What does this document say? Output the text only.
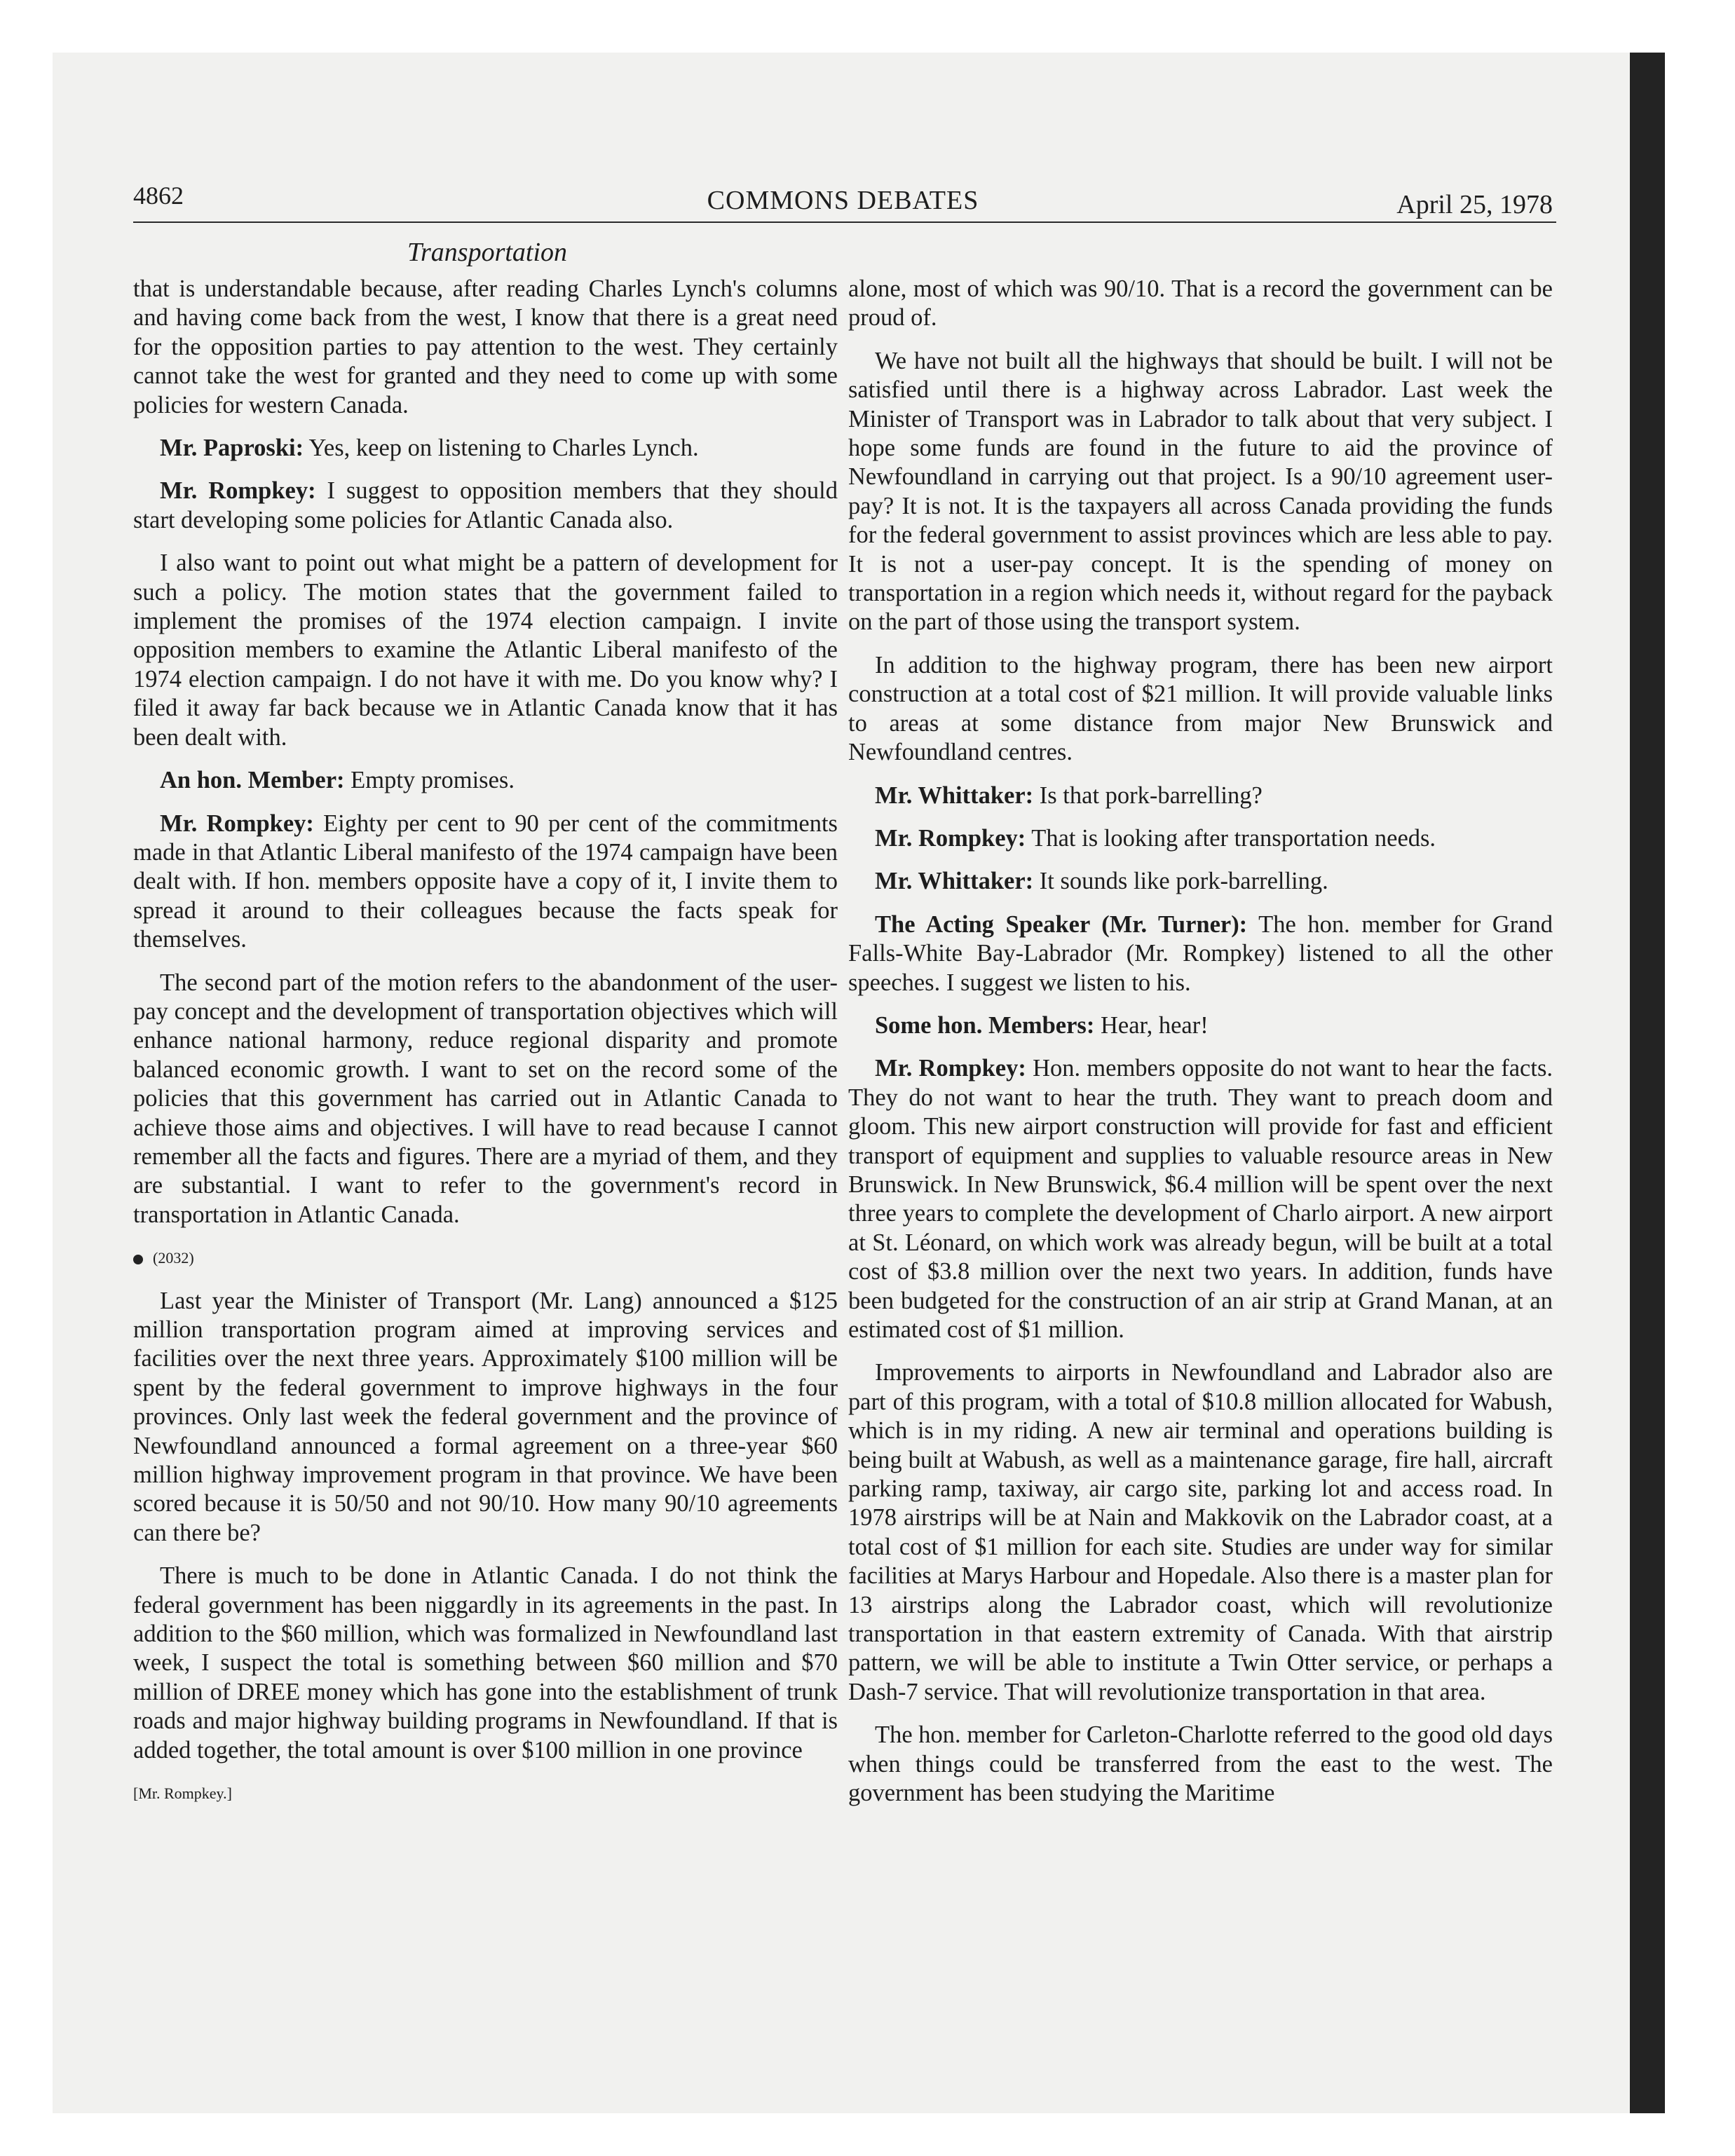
4862	COMMONS DEBATES	April 25, 1978
Transportation

that is understandable because, after reading Charles Lynch's columns and having come back from the west, I know that there is a great need for the opposition parties to pay attention to the west. They certainly cannot take the west for granted and they need to come up with some policies for western Canada.

Mr. Paproski: Yes, keep on listening to Charles Lynch.

Mr. Rompkey: I suggest to opposition members that they should start developing some policies for Atlantic Canada also.

I also want to point out what might be a pattern of development for such a policy. The motion states that the government failed to implement the promises of the 1974 election campaign. I invite opposition members to examine the Atlantic Liberal manifesto of the 1974 election campaign. I do not have it with me. Do you know why? I filed it away far back because we in Atlantic Canada know that it has been dealt with.

An hon. Member: Empty promises.

Mr. Rompkey: Eighty per cent to 90 per cent of the commitments made in that Atlantic Liberal manifesto of the 1974 campaign have been dealt with. If hon. members opposite have a copy of it, I invite them to spread it around to their colleagues because the facts speak for themselves.

The second part of the motion refers to the abandonment of the user-pay concept and the development of transportation objectives which will enhance national harmony, reduce regional disparity and promote balanced economic growth. I want to set on the record some of the policies that this government has carried out in Atlantic Canada to achieve those aims and objectives. I will have to read because I cannot remember all the facts and figures. There are a myriad of them, and they are substantial. I want to refer to the government's record in transportation in Atlantic Canada.

(2032)

Last year the Minister of Transport (Mr. Lang) announced a $125 million transportation program aimed at improving services and facilities over the next three years. Approximately $100 million will be spent by the federal government to improve highways in the four provinces. Only last week the federal government and the province of Newfoundland announced a formal agreement on a three-year $60 million highway improvement program in that province. We have been scored because it is 50/50 and not 90/10. How many 90/10 agreements can there be?

There is much to be done in Atlantic Canada. I do not think the federal government has been niggardly in its agreements in the past. In addition to the $60 million, which was formalized in Newfoundland last week, I suspect the total is something between $60 million and $70 million of DREE money which has gone into the establishment of trunk roads and major highway building programs in Newfoundland. If that is added together, the total amount is over $100 million in one province

[Mr. Rompkey.]

alone, most of which was 90/10. That is a record the government can be proud of.

We have not built all the highways that should be built. I will not be satisfied until there is a highway across Labrador. Last week the Minister of Transport was in Labrador to talk about that very subject. I hope some funds are found in the future to aid the province of Newfoundland in carrying out that project. Is a 90/10 agreement user-pay? It is not. It is the taxpayers all across Canada providing the funds for the federal government to assist provinces which are less able to pay. It is not a user-pay concept. It is the spending of money on transportation in a region which needs it, without regard for the payback on the part of those using the transport system.

In addition to the highway program, there has been new airport construction at a total cost of $21 million. It will provide valuable links to areas at some distance from major New Brunswick and Newfoundland centres.

Mr. Whittaker: Is that pork-barrelling?

Mr. Rompkey: That is looking after transportation needs.

Mr. Whittaker: It sounds like pork-barrelling.

The Acting Speaker (Mr. Turner): The hon. member for Grand Falls-White Bay-Labrador (Mr. Rompkey) listened to all the other speeches. I suggest we listen to his.

Some hon. Members: Hear, hear!

Mr. Rompkey: Hon. members opposite do not want to hear the facts. They do not want to hear the truth. They want to preach doom and gloom. This new airport construction will provide for fast and efficient transport of equipment and supplies to valuable resource areas in New Brunswick. In New Brunswick, $6.4 million will be spent over the next three years to complete the development of Charlo airport. A new airport at St. Léonard, on which work was already begun, will be built at a total cost of $3.8 million over the next two years. In addition, funds have been budgeted for the construction of an air strip at Grand Manan, at an estimated cost of $1 million.

Improvements to airports in Newfoundland and Labrador also are part of this program, with a total of $10.8 million allocated for Wabush, which is in my riding. A new air terminal and operations building is being built at Wabush, as well as a maintenance garage, fire hall, aircraft parking ramp, taxiway, air cargo site, parking lot and access road. In 1978 airstrips will be at Nain and Makkovik on the Labrador coast, at a total cost of $1 million for each site. Studies are under way for similar facilities at Marys Harbour and Hopedale. Also there is a master plan for 13 airstrips along the Labrador coast, which will revolutionize transportation in that eastern extremity of Canada. With that airstrip pattern, we will be able to institute a Twin Otter service, or perhaps a Dash-7 service. That will revolutionize transportation in that area.

The hon. member for Carleton-Charlotte referred to the good old days when things could be transferred from the east to the west. The government has been studying the Maritime
